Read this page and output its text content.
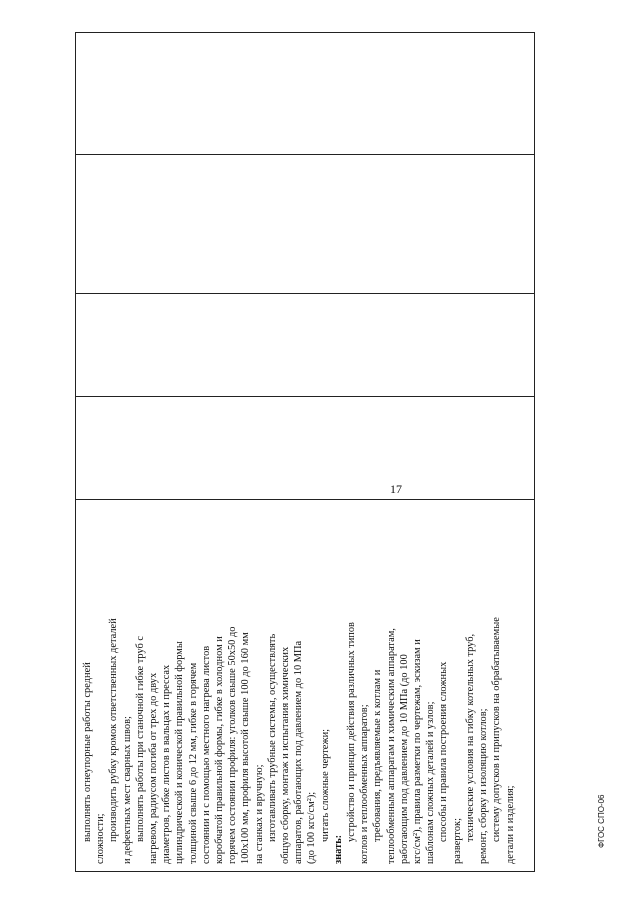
выполнять огнеупорные работы средней сложности; производить рубку кромок ответственных деталей и дефектных мест сварных швов; выполнять работы при станочной гибке труб с нагревом, радиусом погиба от трех до двух диаметров, гибке листов в вальцах и прессах цилиндрической и конической правильной формы толщиной свыше 6 до 12 мм, гибке в горячем состоянии и с помощью местного нагрева листов коробчатой правильной формы, гибке в холодном и горячем состоянии профиля: уголков свыше 50х50 до 100х100 мм, профиля высотой свыше 100 до 160 мм на станках и вручную; изготавливать трубные системы, осуществлять общую сборку, монтаж и испытания химических аппаратов, работающих под давлением до 10 МПа (до 100 кгс/см²); читать сложные чертежи;
знать:
устройство и принцип действия различных типов котлов и теплообменных аппаратов; требования, предъявляемые к котлам и теплообменным аппаратам и химическим аппаратам, работающим под давлением до 10 МПа (до 100 кгс/см²), правила разметки по чертежам, эскизам и шаблонам сложных деталей и узлов; способы и правила построения сложных разверток; технические условия на гибку котельных труб, ремонт, сборку и изоляцию котлов; систему допусков и припусков на обрабатываемые детали и изделия;
17
ФГОС СПО-06
